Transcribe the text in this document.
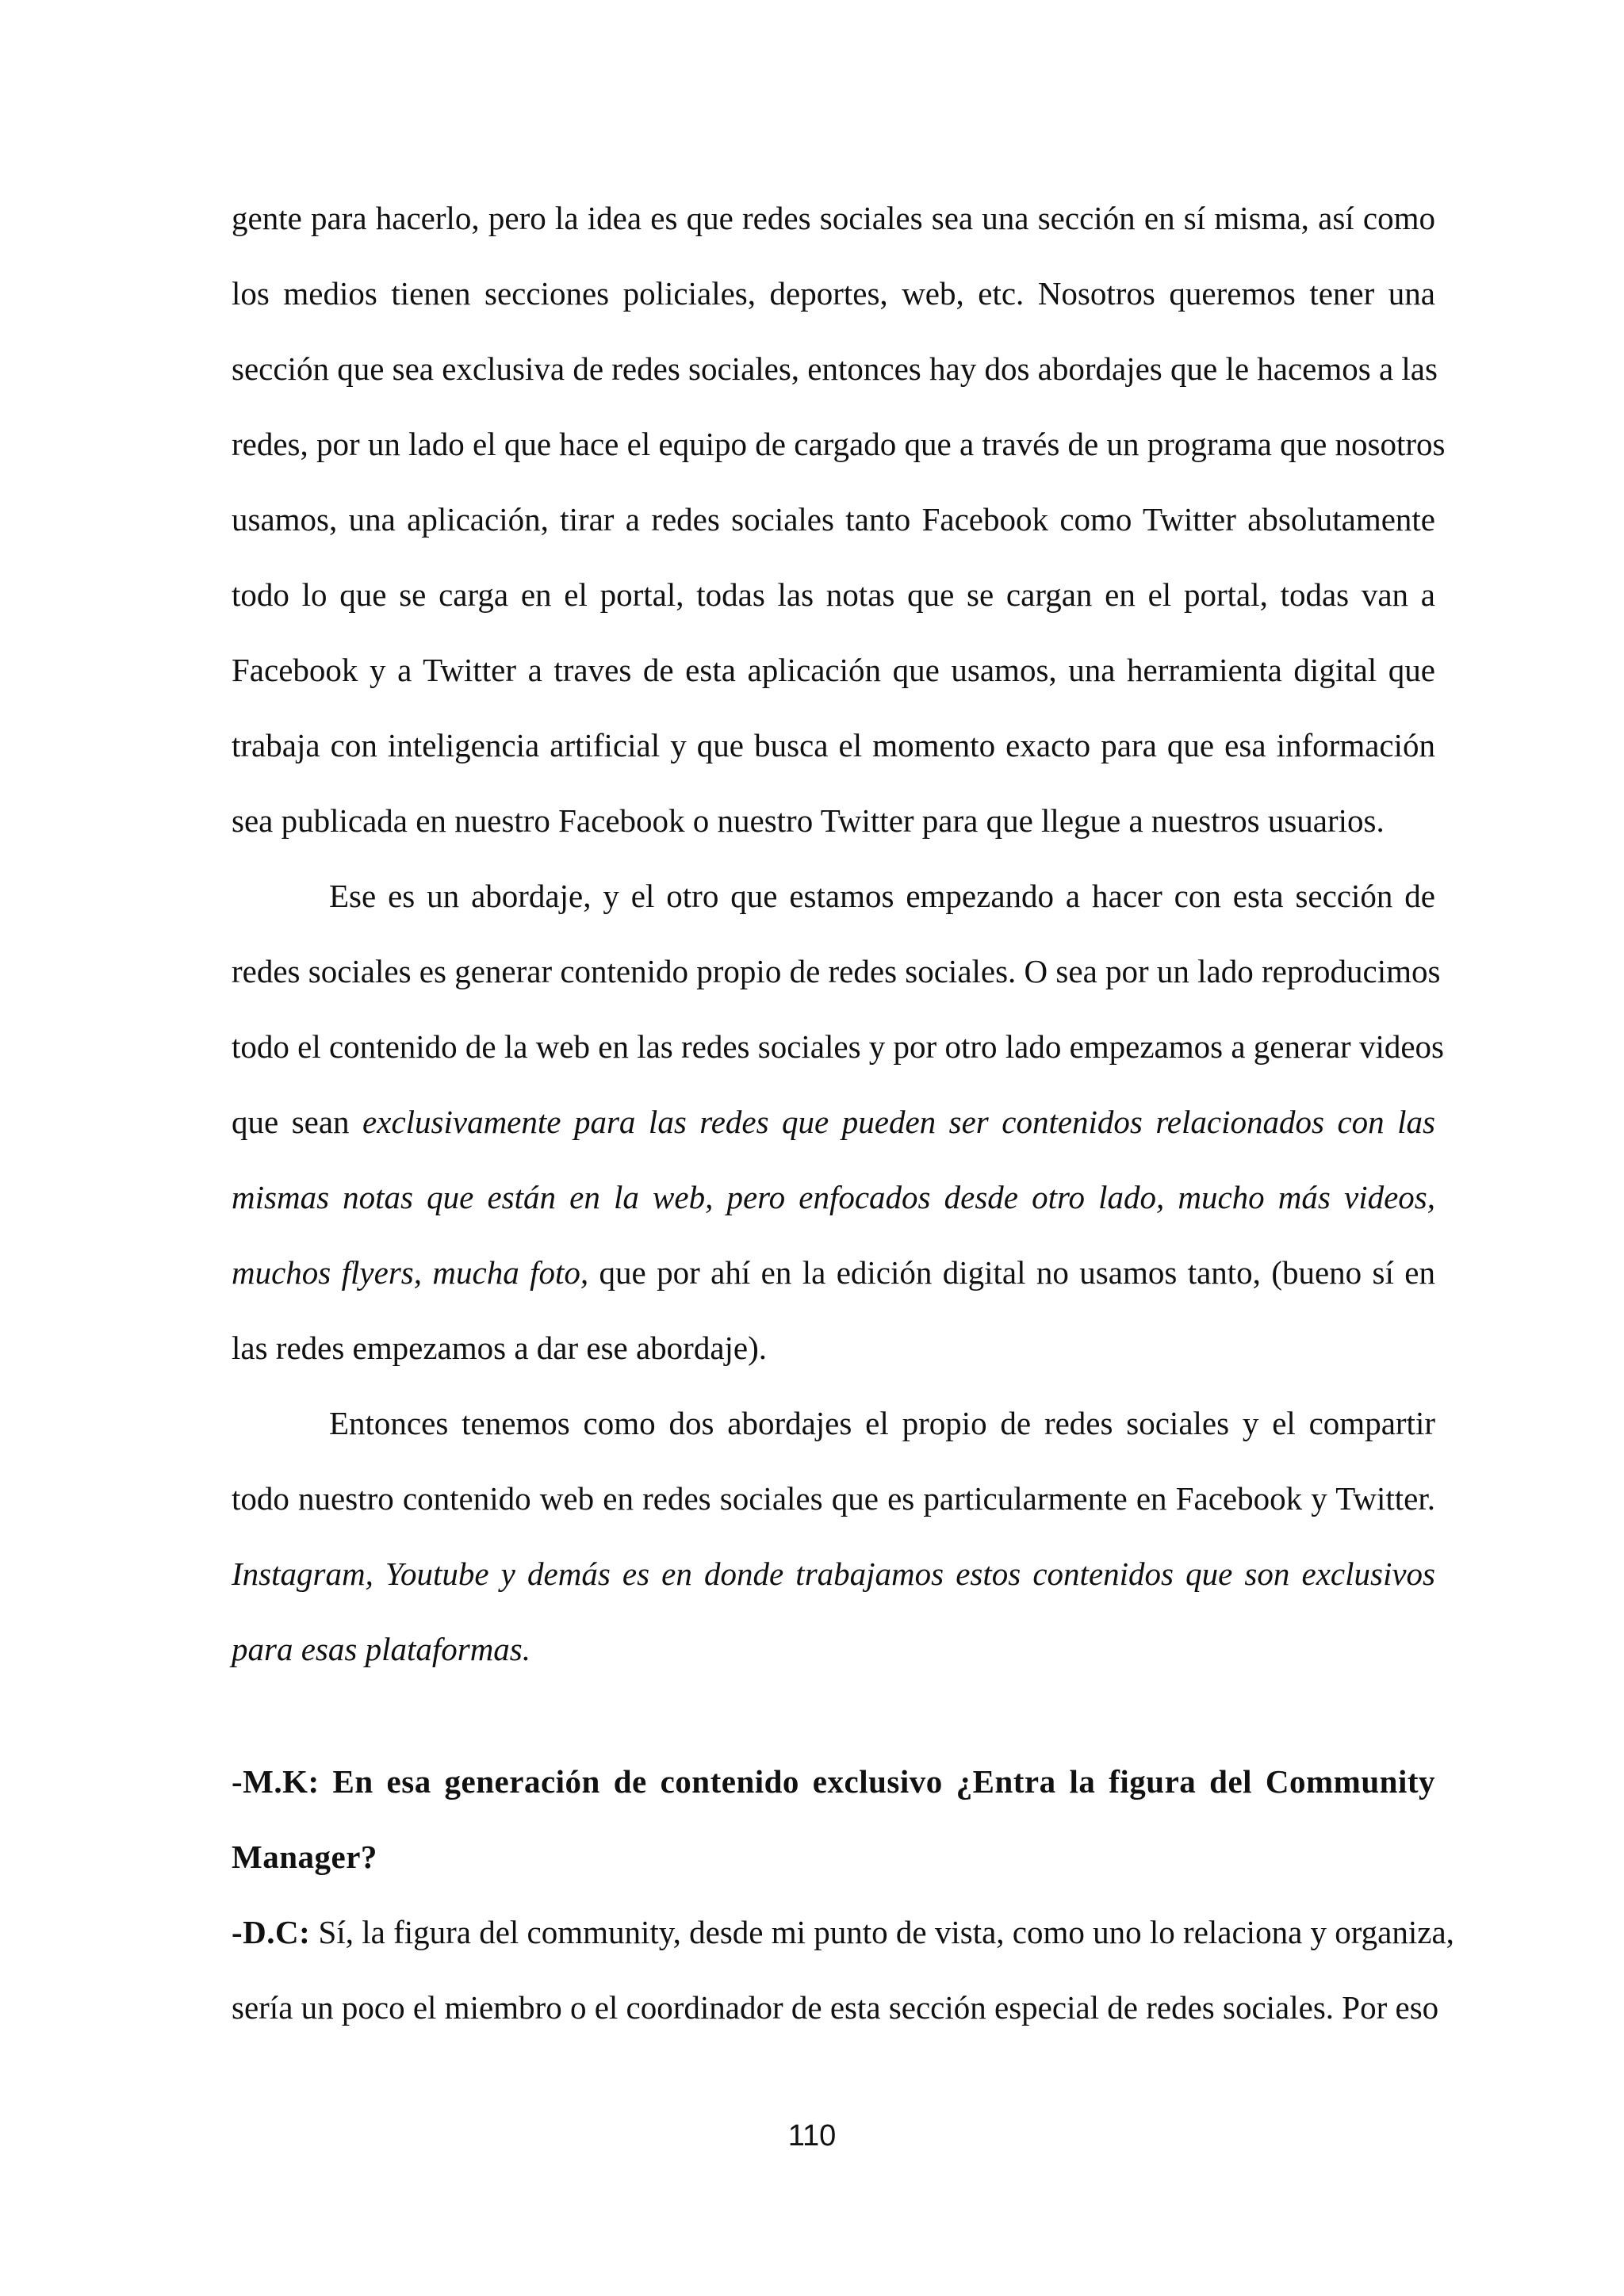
gente para hacerlo, pero la idea es que redes sociales sea una sección en sí misma, así como
los medios tienen secciones policiales, deportes, web, etc. Nosotros queremos tener una
sección que sea exclusiva de redes sociales, entonces hay dos abordajes que le hacemos a las
redes, por un lado el que hace el equipo de cargado que a través de un programa que nosotros
usamos, una aplicación, tirar a redes sociales tanto Facebook como Twitter absolutamente
todo lo que se carga en el portal, todas las notas que se cargan en el portal, todas van a
Facebook y a Twitter a traves de esta aplicación que usamos, una herramienta digital que
trabaja con inteligencia artificial y que busca el momento exacto para que esa información
sea publicada en nuestro Facebook o nuestro Twitter para que llegue a nuestros usuarios.
Ese es un abordaje, y el otro que estamos empezando a hacer con esta sección de
redes sociales es generar contenido propio de redes sociales. O sea por un lado reproducimos
todo el contenido de la web en las redes sociales y por otro lado empezamos a generar videos
que sean exclusivamente para las redes que pueden ser contenidos relacionados con las
mismas notas que están en la web, pero enfocados desde otro lado, mucho más videos,
muchos flyers, mucha foto, que por ahí en la edición digital no usamos tanto, (bueno sí en
las redes empezamos a dar ese abordaje).
Entonces tenemos como dos abordajes el propio de redes sociales y el compartir
todo nuestro contenido web en redes sociales que es particularmente en Facebook y Twitter.
Instagram, Youtube y demás es en donde trabajamos estos contenidos que son exclusivos
para esas plataformas.
-M.K: En esa generación de contenido exclusivo ¿Entra la figura del Community
Manager?
-D.C: Sí, la figura del community, desde mi punto de vista, como uno lo relaciona y organiza,
sería un poco el miembro o el coordinador de esta sección especial de redes sociales. Por eso
110
